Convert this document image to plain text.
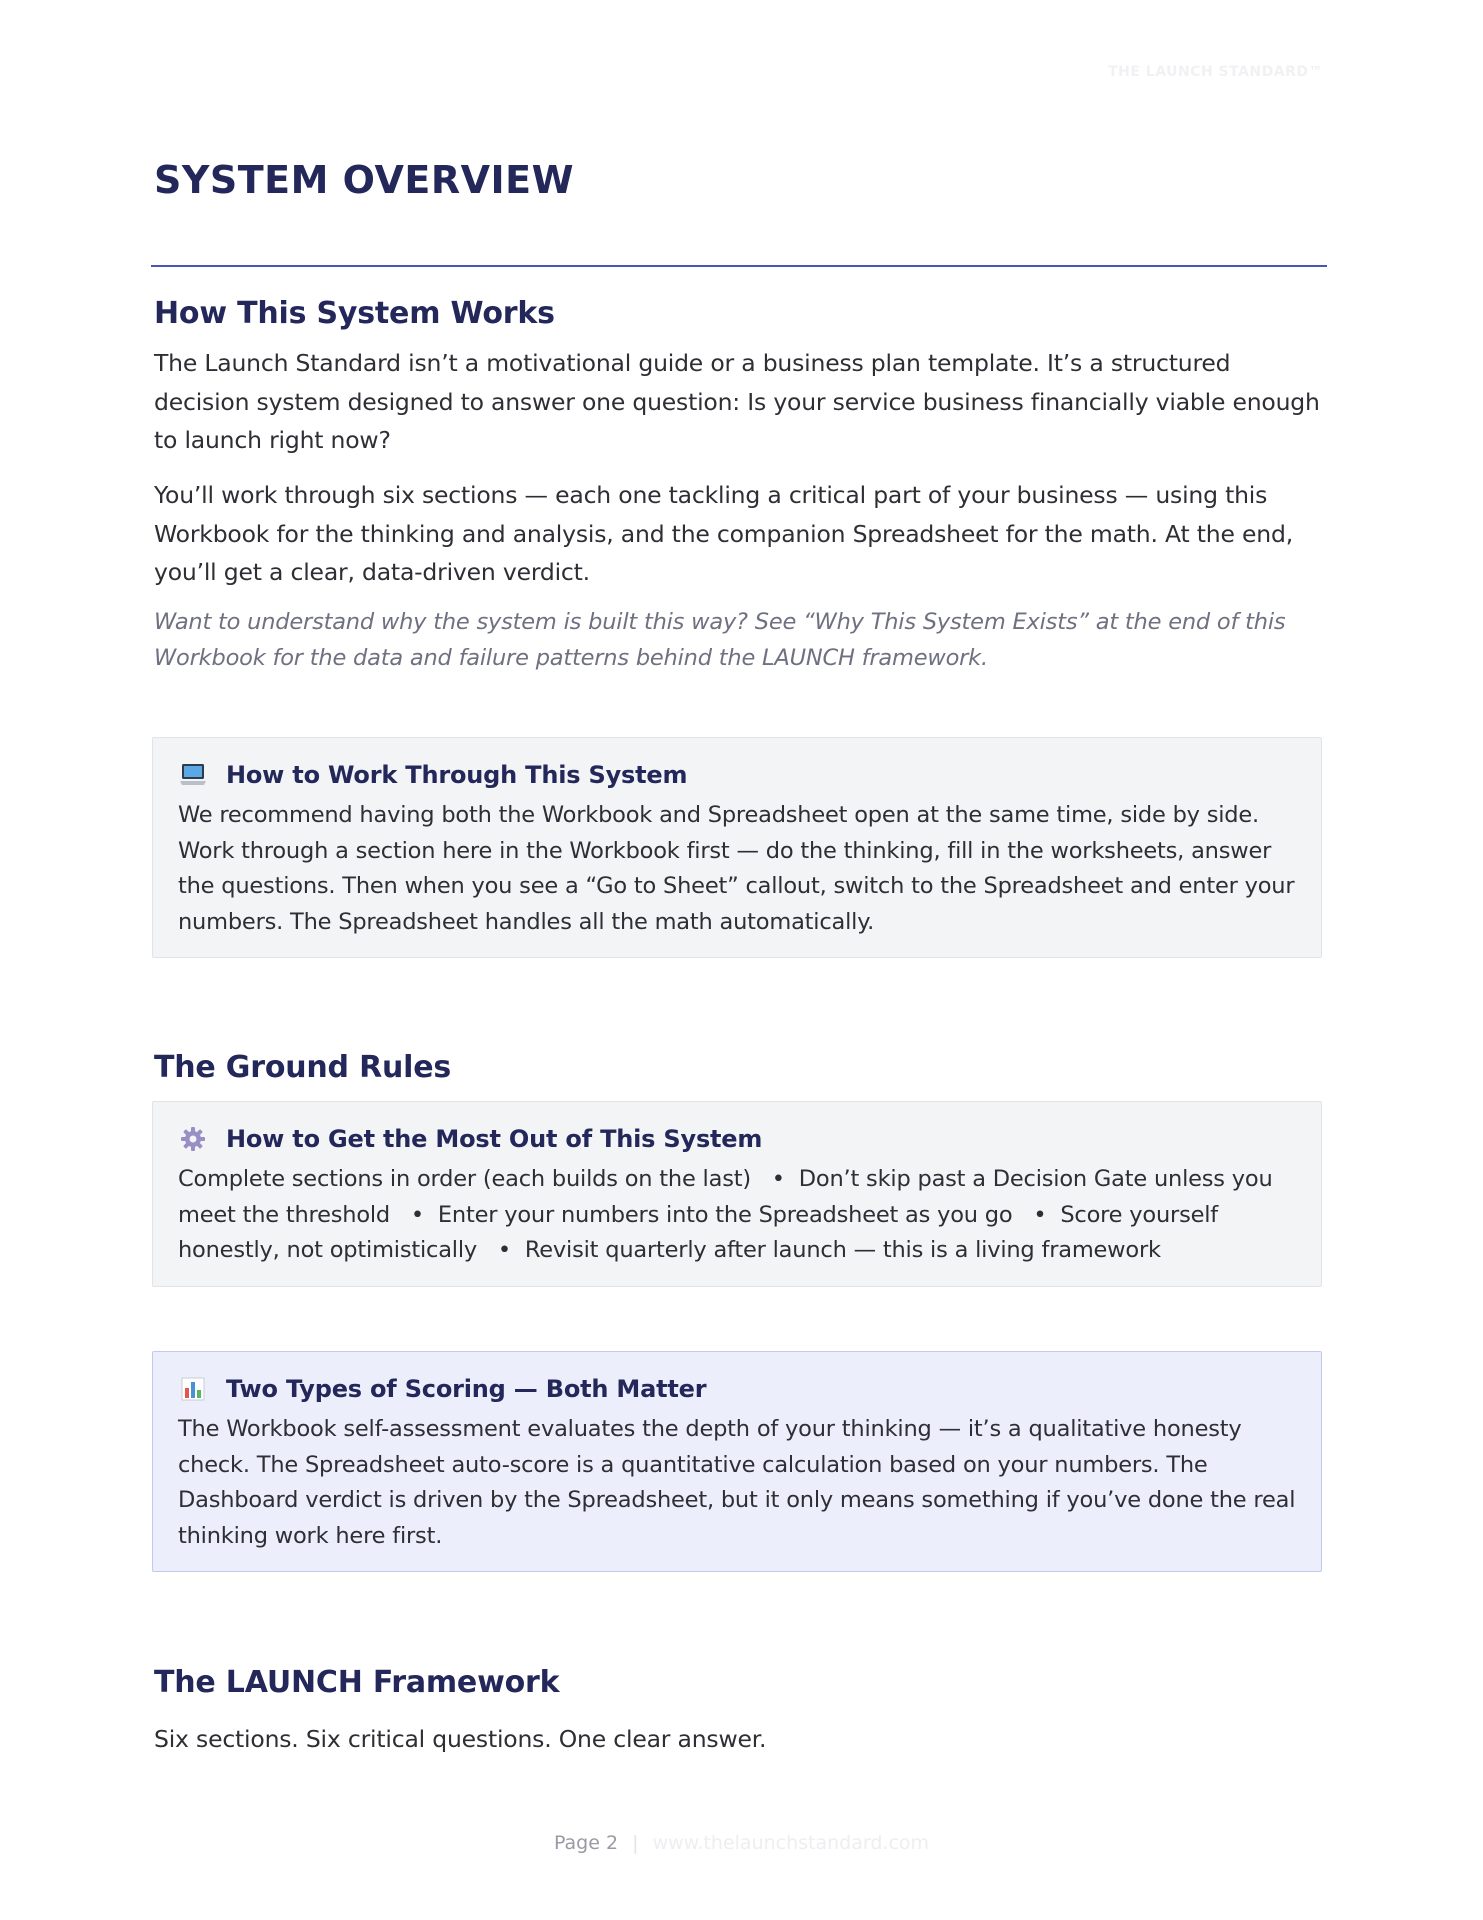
THE LAUNCH STANDARD™
SYSTEM OVERVIEW
How This System Works

The Launch Standard isn’t a motivational guide or a business plan template. It’s a structured decision system designed to answer one question: Is your service business financially viable enough to launch right now?

You’ll work through six sections — each one tackling a critical part of your business — using this Workbook for the thinking and analysis, and the companion Spreadsheet for the math. At the end, you’ll get a clear, data-driven verdict.

Want to understand why the system is built this way? See “Why This System Exists” at the end of this Workbook for the data and failure patterns behind the LAUNCH framework.

How to Work Through This System

We recommend having both the Workbook and Spreadsheet open at the same time, side by side. Work through a section here in the Workbook first — do the thinking, fill in the worksheets, answer the questions. Then when you see a “Go to Sheet” callout, switch to the Spreadsheet and enter your numbers. The Spreadsheet handles all the math automatically.

The Ground Rules
How to Get the Most Out of This System
Complete sections in order (each builds on the last) • Don’t skip past a Decision Gate unless you meet the threshold • Enter your numbers into the Spreadsheet as you go • Score yourself honestly, not optimistically • Revisit quarterly after launch — this is a living framework
Two Types of Scoring — Both Matter

The Workbook self-assessment evaluates the depth of your thinking — it’s a qualitative honesty check. The Spreadsheet auto-score is a quantitative calculation based on your numbers. The Dashboard verdict is driven by the Spreadsheet, but it only means something if you’ve done the real thinking work here first.

The LAUNCH Framework

Six sections. Six critical questions. One clear answer.

Page 2 | www.thelaunchstandard.com
